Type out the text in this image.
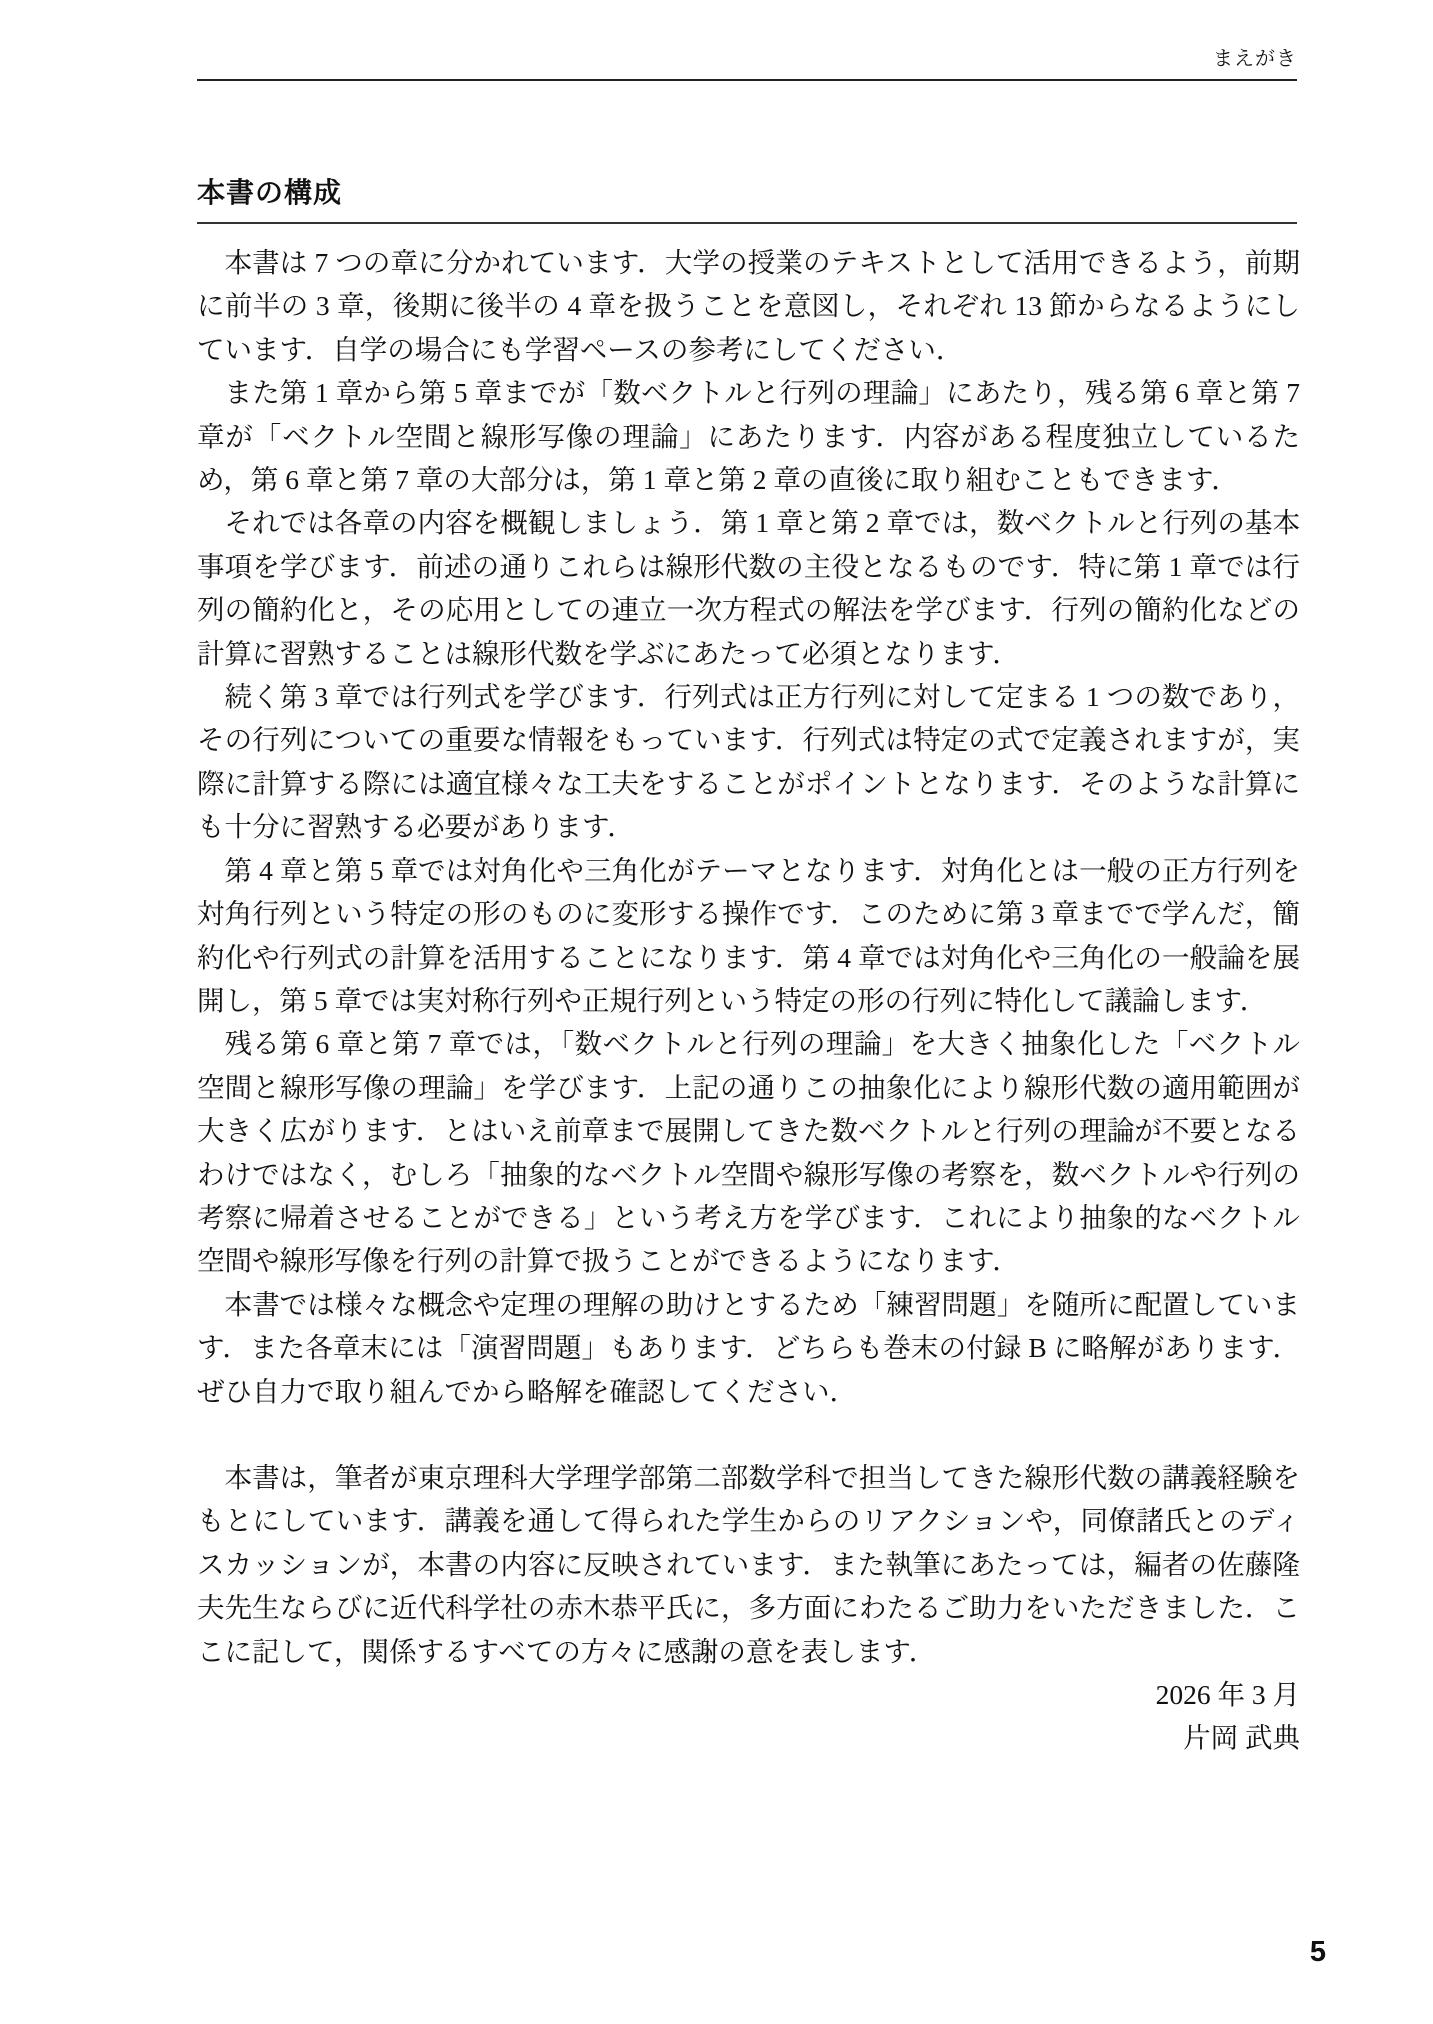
まえがき
本書の構成

本書は 7 つの章に分かれています．大学の授業のテキストとして活用できるよう，前期に前半の 3 章，後期に後半の 4 章を扱うことを意図し，それぞれ 13 節からなるようにしています．自学の場合にも学習ペースの参考にしてください．

また第 1 章から第 5 章までが「数ベクトルと行列の理論」にあたり，残る第 6 章と第 7 章が「ベクトル空間と線形写像の理論」にあたります．内容がある程度独立しているため，第 6 章と第 7 章の大部分は，第 1 章と第 2 章の直後に取り組むこともできます．

それでは各章の内容を概観しましょう．第 1 章と第 2 章では，数ベクトルと行列の基本事項を学びます．前述の通りこれらは線形代数の主役となるものです．特に第 1 章では行列の簡約化と，その応用としての連立一次方程式の解法を学びます．行列の簡約化などの計算に習熟することは線形代数を学ぶにあたって必須となります．

続く第 3 章では行列式を学びます．行列式は正方行列に対して定まる 1 つの数であり，その行列についての重要な情報をもっています．行列式は特定の式で定義されますが，実際に計算する際には適宜様々な工夫をすることがポイントとなります．そのような計算にも十分に習熟する必要があります．

第 4 章と第 5 章では対角化や三角化がテーマとなります．対角化とは一般の正方行列を対角行列という特定の形のものに変形する操作です．このために第 3 章までで学んだ，簡約化や行列式の計算を活用することになります．第 4 章では対角化や三角化の一般論を展開し，第 5 章では実対称行列や正規行列という特定の形の行列に特化して議論します．

残る第 6 章と第 7 章では，「数ベクトルと行列の理論」を大きく抽象化した「ベクトル空間と線形写像の理論」を学びます．上記の通りこの抽象化により線形代数の適用範囲が大きく広がります．とはいえ前章まで展開してきた数ベクトルと行列の理論が不要となるわけではなく，むしろ「抽象的なベクトル空間や線形写像の考察を，数ベクトルや行列の考察に帰着させることができる」という考え方を学びます．これにより抽象的なベクトル空間や線形写像を行列の計算で扱うことができるようになります．

本書では様々な概念や定理の理解の助けとするため「練習問題」を随所に配置しています．また各章末には「演習問題」もあります．どちらも巻末の付録 B に略解があります．ぜひ自力で取り組んでから略解を確認してください．

本書は，筆者が東京理科大学理学部第二部数学科で担当してきた線形代数の講義経験をもとにしています．講義を通して得られた学生からのリアクションや，同僚諸氏とのディスカッションが，本書の内容に反映されています．また執筆にあたっては，編者の佐藤隆夫先生ならびに近代科学社の赤木恭平氏に，多方面にわたるご助力をいただきました．ここに記して，関係するすべての方々に感謝の意を表します．

2026 年 3 月
片岡 武典
5
